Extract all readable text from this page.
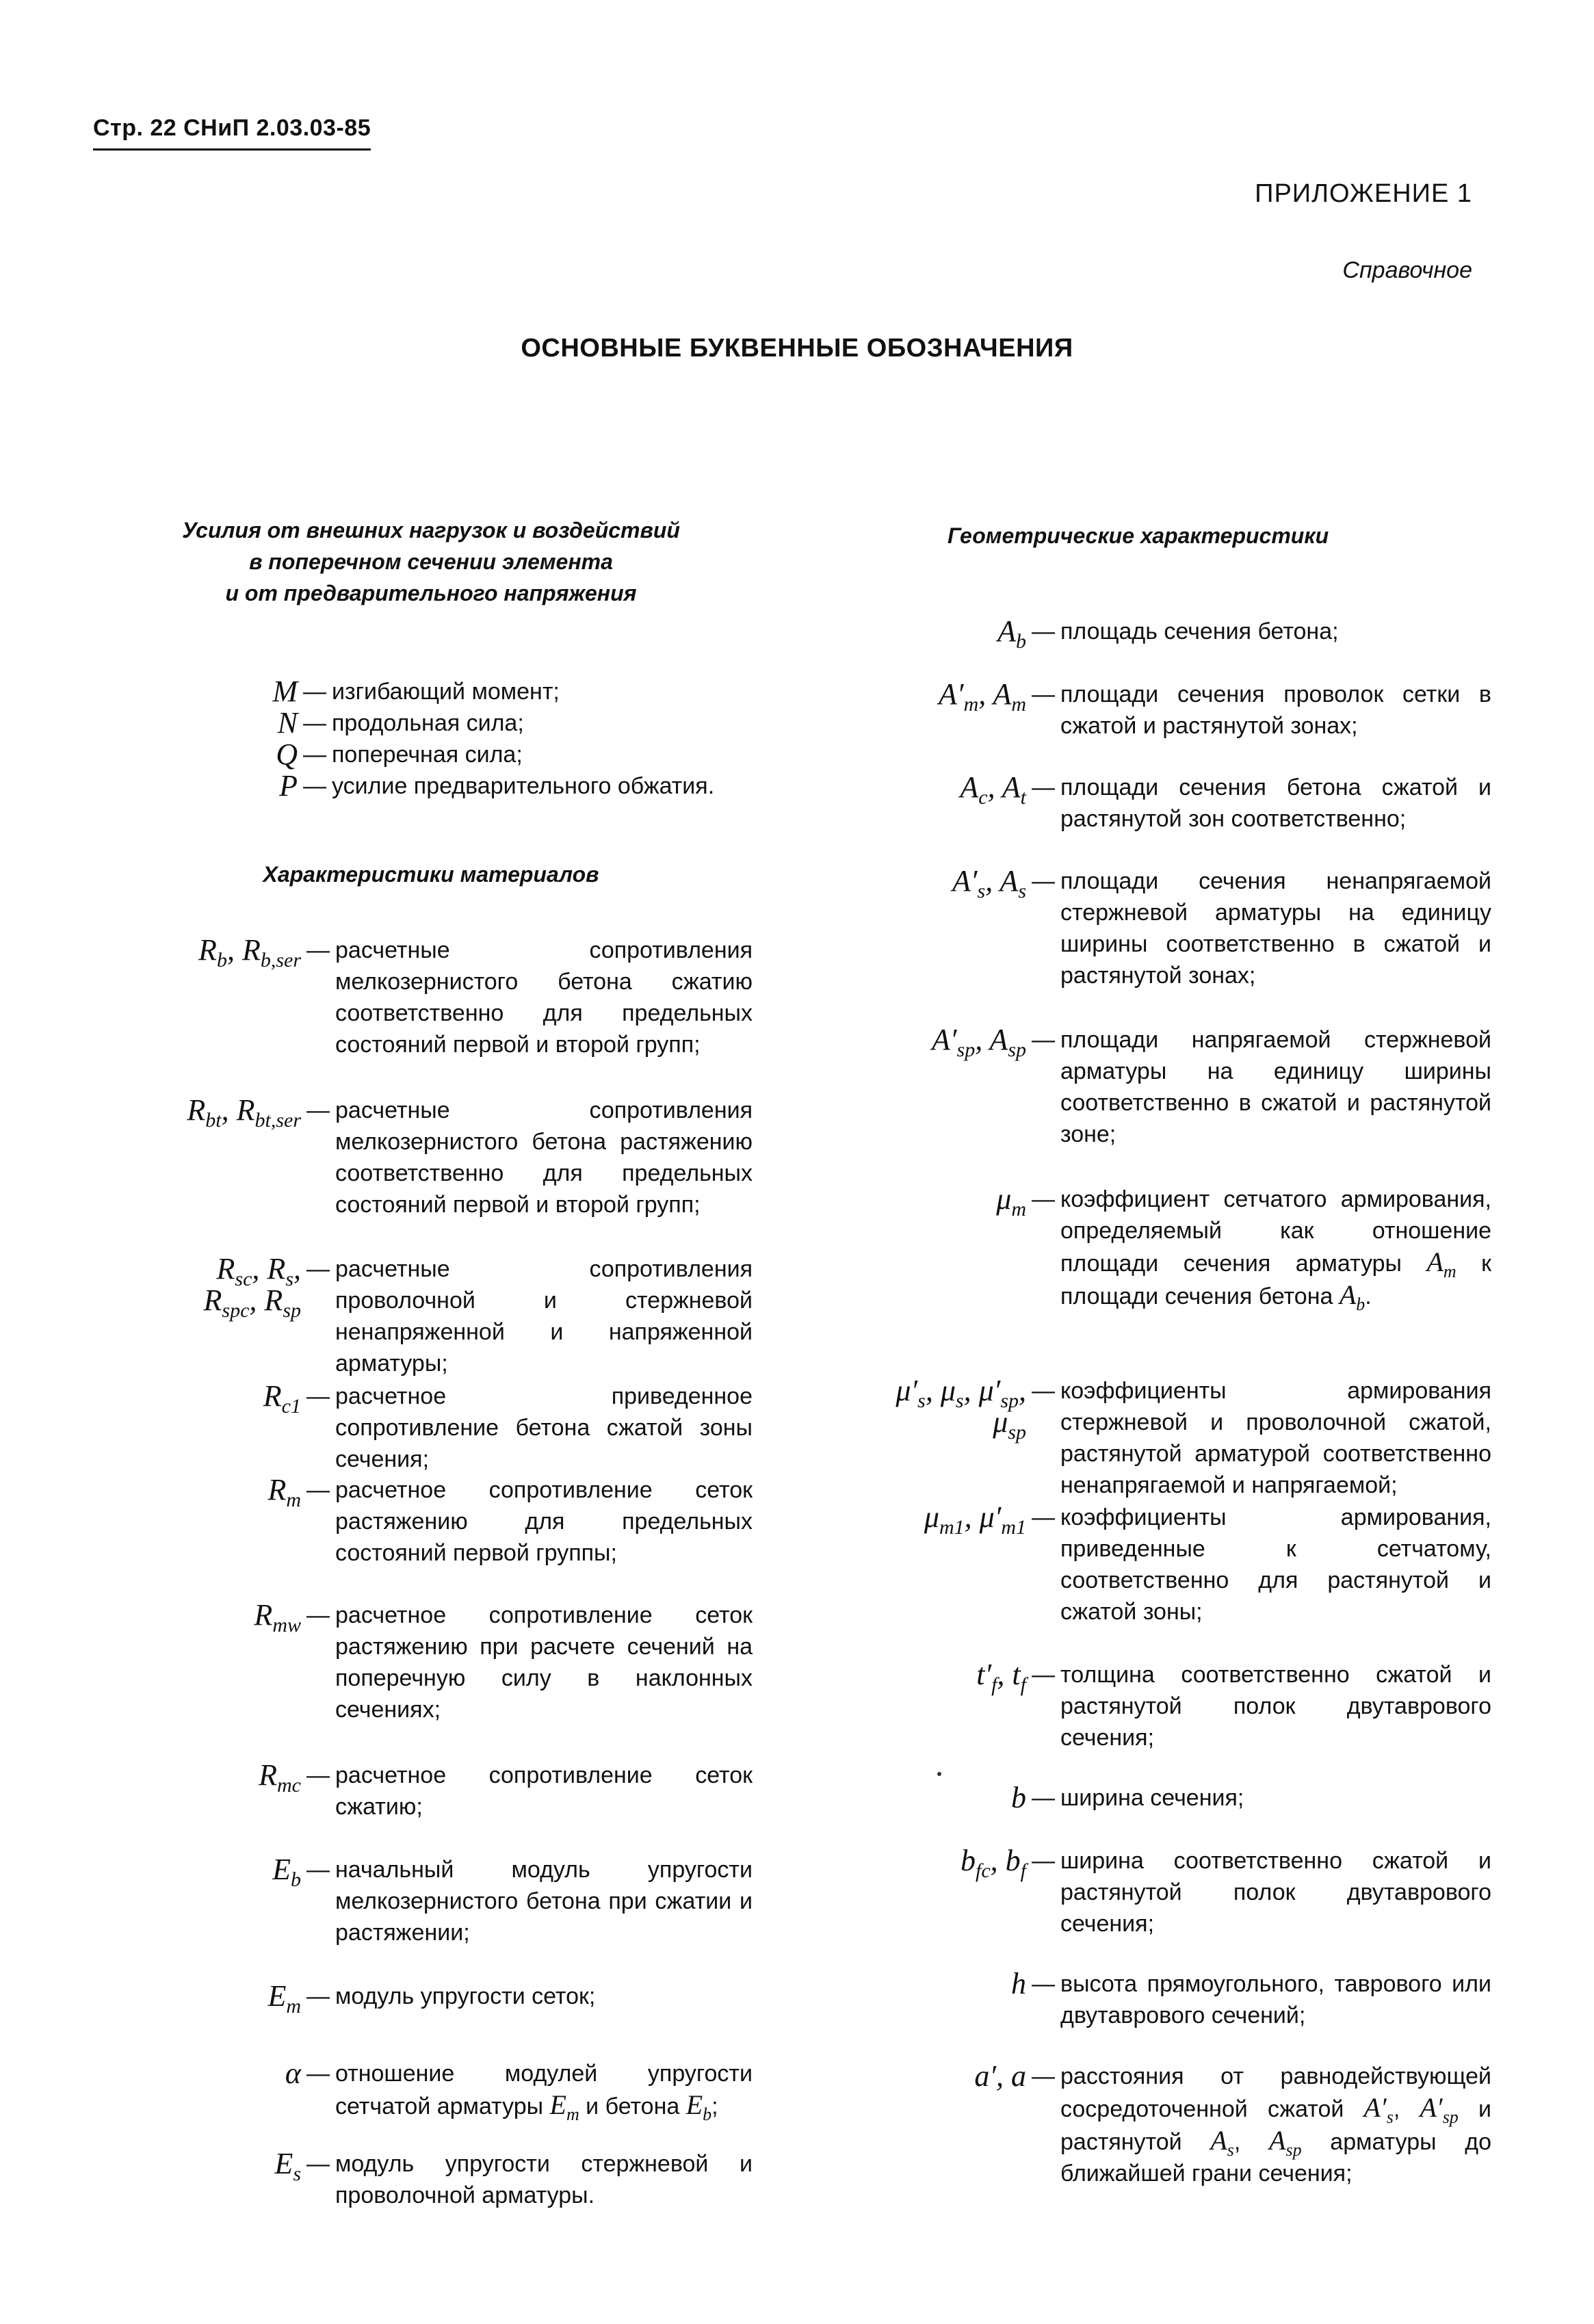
Стр. 22 СНиП 2.03.03-85
ПРИЛОЖЕНИЕ 1
Справочное
ОСНОВНЫЕ БУКВЕННЫЕ ОБОЗНАЧЕНИЯ
Усилия от внешних нагрузок и воздействий
в поперечном сечении элемента
и от предварительного напряжения
M — изгибающий момент;
N — продольная сила;
Q — поперечная сила;
P — усилие предварительного обжатия.
Характеристики материалов
$R_b$, $R_{b,ser}$ — расчетные сопротивления мелкозернистого бетона сжатию соответственно для предельных состояний первой и второй групп;
$R_{bt}$, $R_{bt,ser}$ — расчетные сопротивления мелкозернистого бетона растяжению соответственно для предельных состояний первой и второй групп;
$R_{sc}$, $R_s$,
$R_{spc}$, $R_{sp}$
— расчетные сопротивления проволочной и стержневой ненапряженной и напряженной арматуры;
$R_{c1}$ — расчетное приведенное сопротивление бетона сжатой зоны сечения;
$R_m$ — расчетное сопротивление сеток растяжению для предельных состояний первой группы;
$R_{mw}$ — расчетное сопротивление сеток растяжению при расчете сечений на поперечную силу в наклонных сечениях;
$R_{mc}$ — расчетное сопротивление сеток сжатию;
$E_b$ — начальный модуль упругости мелкозернистого бетона при сжатии и растяжении;
$E_m$ — модуль упругости сеток;
α — отношение модулей упругости сетчатой арматуры $E_m$ и бетона $E_b$;
$E_s$ — модуль упругости стержневой и проволочной арматуры.
Геометрические характеристики
$A_b$ — площадь сечения бетона;
$A'_m$, $A_m$ — площади сечения проволок сетки в сжатой и растянутой зонах;
$A_c$, $A_t$ — площади сечения бетона сжатой и растянутой зон соответственно;
$A'_s$, $A_s$ — площади сечения ненапрягаемой стержневой арматуры на единицу ширины соответственно в сжатой и растянутой зонах;
$A'_{sp}$, $A_{sp}$ — площади напрягаемой стержневой арматуры на единицу ширины соответственно в сжатой и растянутой зоне;
$\mu_m$ — коэффициент сетчатого армирования, определяемый как отношение площади сечения арматуры $A_m$ к площади сечения бетона $A_b$.
$\mu'_s$, $\mu_s$, $\mu'_{sp}$,
$\mu_{sp}$
— коэффициенты армирования стержневой и проволочной сжатой, растянутой арматурой соответственно ненапрягаемой и напрягаемой;
$\mu_{m1}$, $\mu'_{m1}$ — коэффициенты армирования, приведенные к сетчатому, соответственно для растянутой и сжатой зоны;
$t'_f$, $t_f$ — толщина соответственно сжатой и растянутой полок двутаврового сечения;
b — ширина сечения;
$b_{fc}$, $b_f$ — ширина соответственно сжатой и растянутой полок двутаврового сечения;
h — высота прямоугольного, таврового или двутаврового сечений;
a′, a — расстояния от равнодействующей сосредоточенной сжатой $A'_s$, $A'_{sp}$ и растянутой $A_s$, $A_{sp}$ арматуры до ближайшей грани сечения;
